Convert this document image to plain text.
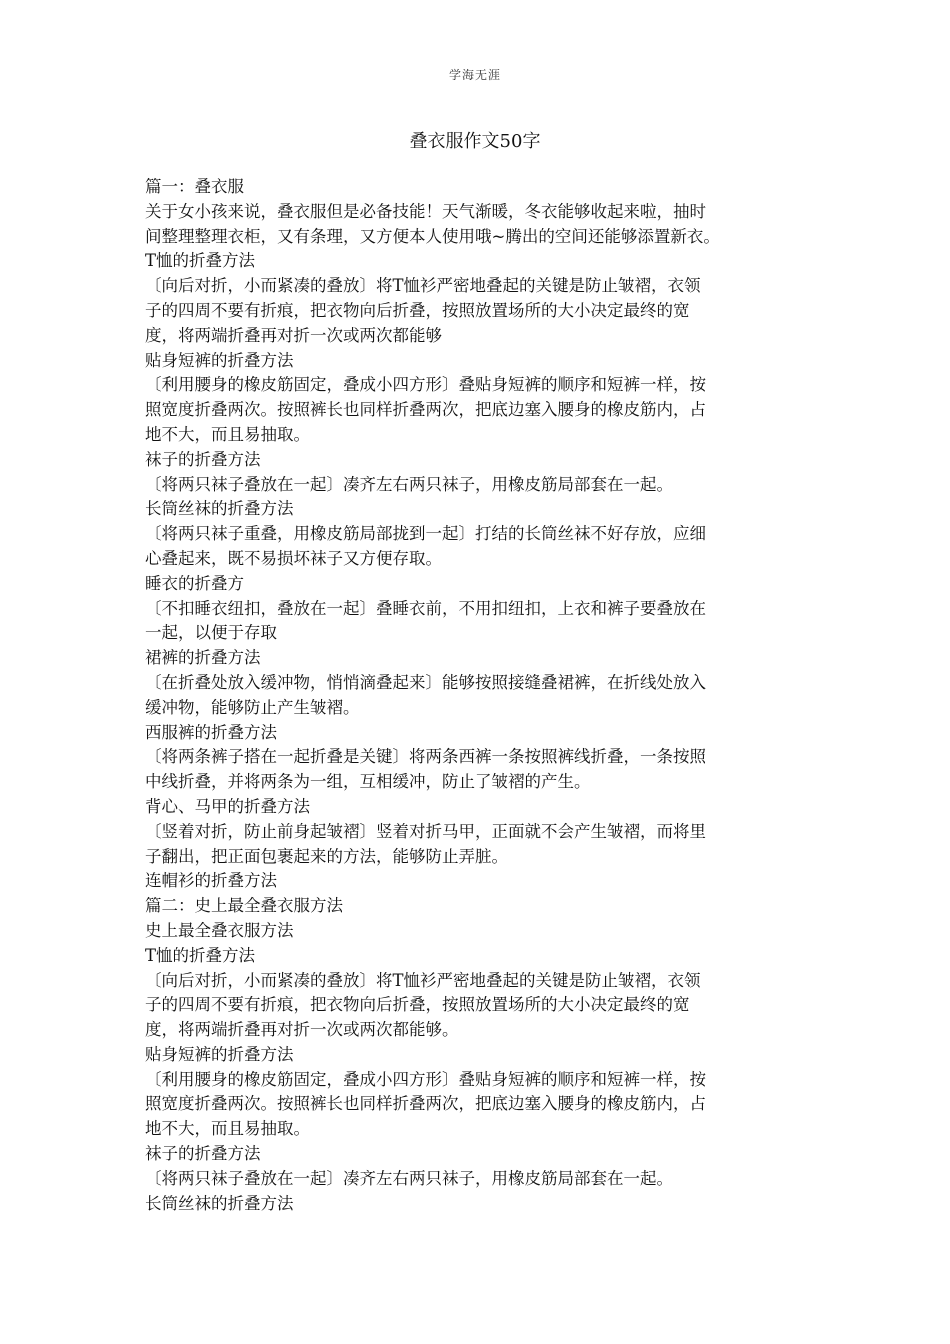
学海无涯
叠衣服作文50字
篇一：叠衣服
关于女小孩来说，叠衣服但是必备技能！天气渐暖，冬衣能够收起来啦，抽时
间整理整理衣柜，又有条理，又方便本人使用哦~腾出的空间还能够添置新衣。
T恤的折叠方法
〔向后对折，小而紧凑的叠放〕将T恤衫严密地叠起的关键是防止皱褶，衣领
子的四周不要有折痕，把衣物向后折叠，按照放置场所的大小决定最终的宽
度，将两端折叠再对折一次或两次都能够
贴身短裤的折叠方法
〔利用腰身的橡皮筋固定，叠成小四方形〕叠贴身短裤的顺序和短裤一样，按
照宽度折叠两次。按照裤长也同样折叠两次，把底边塞入腰身的橡皮筋内，占
地不大，而且易抽取。
袜子的折叠方法
〔将两只袜子叠放在一起〕凑齐左右两只袜子，用橡皮筋局部套在一起。
长筒丝袜的折叠方法
〔将两只袜子重叠，用橡皮筋局部拢到一起〕打结的长筒丝袜不好存放，应细
心叠起来，既不易损坏袜子又方便存取。
睡衣的折叠方
〔不扣睡衣纽扣，叠放在一起〕叠睡衣前，不用扣纽扣，上衣和裤子要叠放在
一起，以便于存取
裙裤的折叠方法
〔在折叠处放入缓冲物，悄悄滴叠起来〕能够按照接缝叠裙裤，在折线处放入
缓冲物，能够防止产生皱褶。
西服裤的折叠方法
〔将两条裤子搭在一起折叠是关键〕将两条西裤一条按照裤线折叠，一条按照
中线折叠，并将两条为一组，互相缓冲，防止了皱褶的产生。
背心、马甲的折叠方法
〔竖着对折，防止前身起皱褶〕竖着对折马甲，正面就不会产生皱褶，而将里
子翻出，把正面包裹起来的方法，能够防止弄脏。
连帽衫的折叠方法
篇二：史上最全叠衣服方法
史上最全叠衣服方法
T恤的折叠方法
〔向后对折，小而紧凑的叠放〕将T恤衫严密地叠起的关键是防止皱褶，衣领
子的四周不要有折痕，把衣物向后折叠，按照放置场所的大小决定最终的宽
度，将两端折叠再对折一次或两次都能够。
贴身短裤的折叠方法
〔利用腰身的橡皮筋固定，叠成小四方形〕叠贴身短裤的顺序和短裤一样，按
照宽度折叠两次。按照裤长也同样折叠两次，把底边塞入腰身的橡皮筋内，占
地不大，而且易抽取。
袜子的折叠方法
〔将两只袜子叠放在一起〕凑齐左右两只袜子，用橡皮筋局部套在一起。
长筒丝袜的折叠方法
